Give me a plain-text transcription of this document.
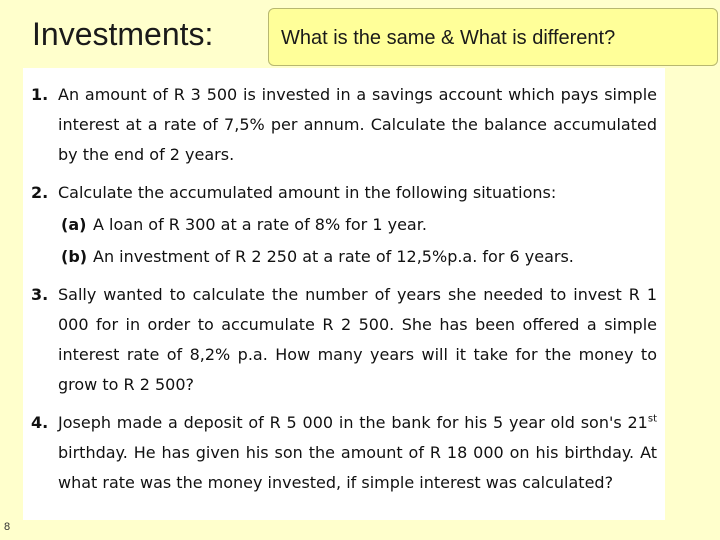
Investments:	What is the same & What is different?
1. An amount of R 3 500 is invested in a savings account which pays simple interest at a rate of 7,5% per annum. Calculate the balance accumulated by the end of 2 years.
2. Calculate the accumulated amount in the following situations:
(a) A loan of R 300 at a rate of 8% for 1 year.
(b) An investment of R 2 250 at a rate of 12,5%p.a. for 6 years.
3. Sally wanted to calculate the number of years she needed to invest R 1 000 for in order to accumulate R 2 500. She has been offered a simple interest rate of 8,2% p.a. How many years will it take for the money to grow to R 2 500?
4. Joseph made a deposit of R 5 000 in the bank for his 5 year old son's 21st birthday. He has given his son the amount of R 18 000 on his birthday. At what rate was the money invested, if simple interest was calculated?
8
